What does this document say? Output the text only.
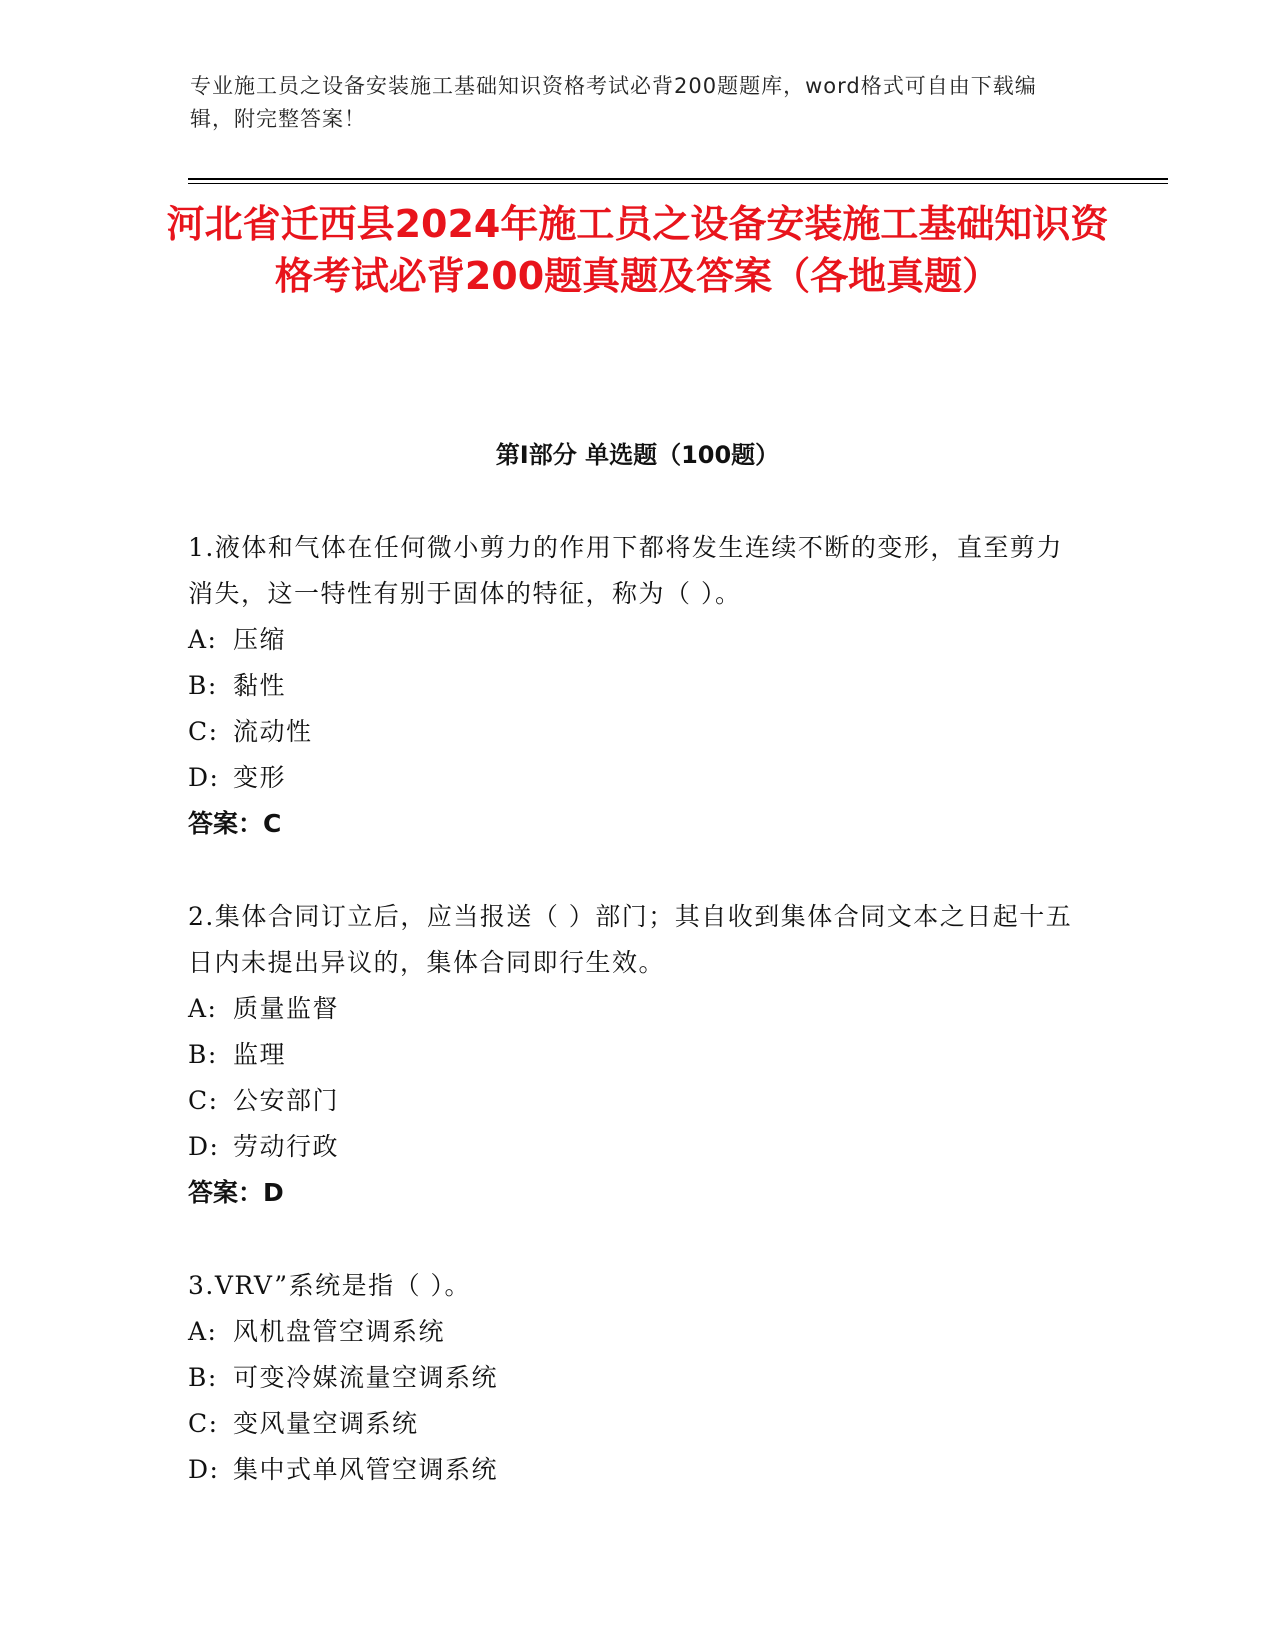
专业施工员之设备安装施工基础知识资格考试必背200题题库，word格式可自由下载编辑，附完整答案！
河北省迁西县2024年施工员之设备安装施工基础知识资格考试必背200题真题及答案（各地真题）
第I部分 单选题（100题）

1.液体和气体在任何微小剪力的作用下都将发生连续不断的变形，直至剪力消失，这一特性有别于固体的特征，称为（ ）。

A: 压缩

B: 黏性

C: 流动性

D: 变形

答案：C

2.集体合同订立后，应当报送（ ）部门；其自收到集体合同文本之日起十五日内未提出异议的，集体合同即行生效。

A: 质量监督

B: 监理

C: 公安部门

D: 劳动行政

答案：D

3.VRV”系统是指（ ）。

A: 风机盘管空调系统

B: 可变冷媒流量空调系统

C: 变风量空调系统

D: 集中式单风管空调系统
